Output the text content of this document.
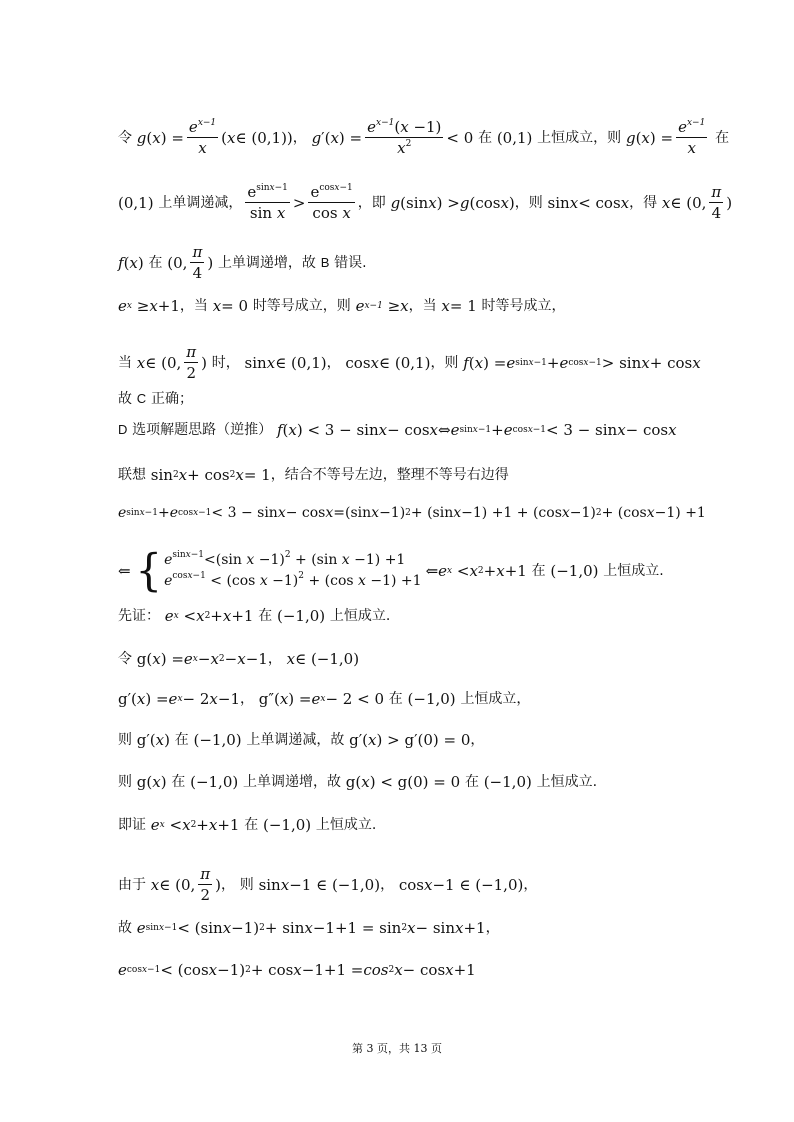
令
g ( x ) = $\frac{e^{x-1}}{x}$ ( x ∈ (0,1)) ，
g ′( x ) = $\frac{e^{x-1}(x -1)}{x^2} < 0$ 在 (0,1) 上恒成立，则
g ( x ) = $\frac{e^{x-1}}{x}$
在
(0,1) 上单调递减， $\frac{e^{sinx-1}}{\text{sin x}} > \frac{e^{cosx-1}}{\text{cos x}}$ ，即
g (sin x ) > g (cos x ) ，则 sin x < cos x ，得
x ∈ (0, $\frac{\pi}{4}$ )
f ( x ) 在 (0, $\frac{\pi}{4}$ ) 上单调递增，故
B
错误.
e x ≥ x +1 ，当
x = 0 时等号成立，则
e x−1 ≥ x ，当
x = 1 时等号成立，
当
x ∈ (0, $\frac{\pi}{2}$ ) 时， sin x ∈ (0,1) ， cos x ∈ (0,1) ，则
f ( x ) = e sinx−1 + e cosx−1 > sin x + cos x
故
C
正确；
D
选项解题思路（逆推）
f ( x ) < 3 − sin x − cos x ⇔ e sinx−1 + e cosx−1 < 3 − sin x − cos x
联想 sin 2 x + cos 2 x = 1 ，结合不等号左边，整理不等号右边得
e sinx−1 + e cosx−1 < 3 − sin x − cos x =(sin x −1) 2 + (sin x −1) +1 + (cos x −1) 2 + (cos x −1) +1
⇐ { $e^{sinx-1}<(\sin$ x −1)$^2$ + (sin x −1) +1
$e^{cosx-1} < (\cos$ x −1)$^2$ + (cos x −1) +1
⇐ e x < x 2 + x +1 在 (−1,0) 上恒成立.
先证：
e x < x 2 + x +1 在 (−1,0) 上恒成立.
令 g( x ) = e x − x 2 − x −1 ，
x ∈ (−1,0)
g′( x ) = e x − 2 x −1 ， g″( x ) = e x − 2 < 0 在 (−1,0) 上恒成立，
则 g′( x ) 在 (−1,0) 上单调递减，故 g′( x ) > g′(0) = 0 ，
则 g( x ) 在 (−1,0) 上单调递增，故 g( x ) < g(0) = 0 在 (−1,0) 上恒成立.
即证
e x < x 2 + x +1 在 (−1,0) 上恒成立.
由于
x ∈ (0, $\frac{\pi}{2}$ ) ，
则 sin x −1 ∈ (−1,0) ， cos x −1 ∈ (−1,0) ，
故
e sinx−1 < (sin x −1) 2 + sin x −1+1 = sin 2 x − sin x +1 ，
e cosx−1 < (cos x −1) 2 + cos x −1+1 = cos 2 x − cos x +1
第 3 页，共 13 页
